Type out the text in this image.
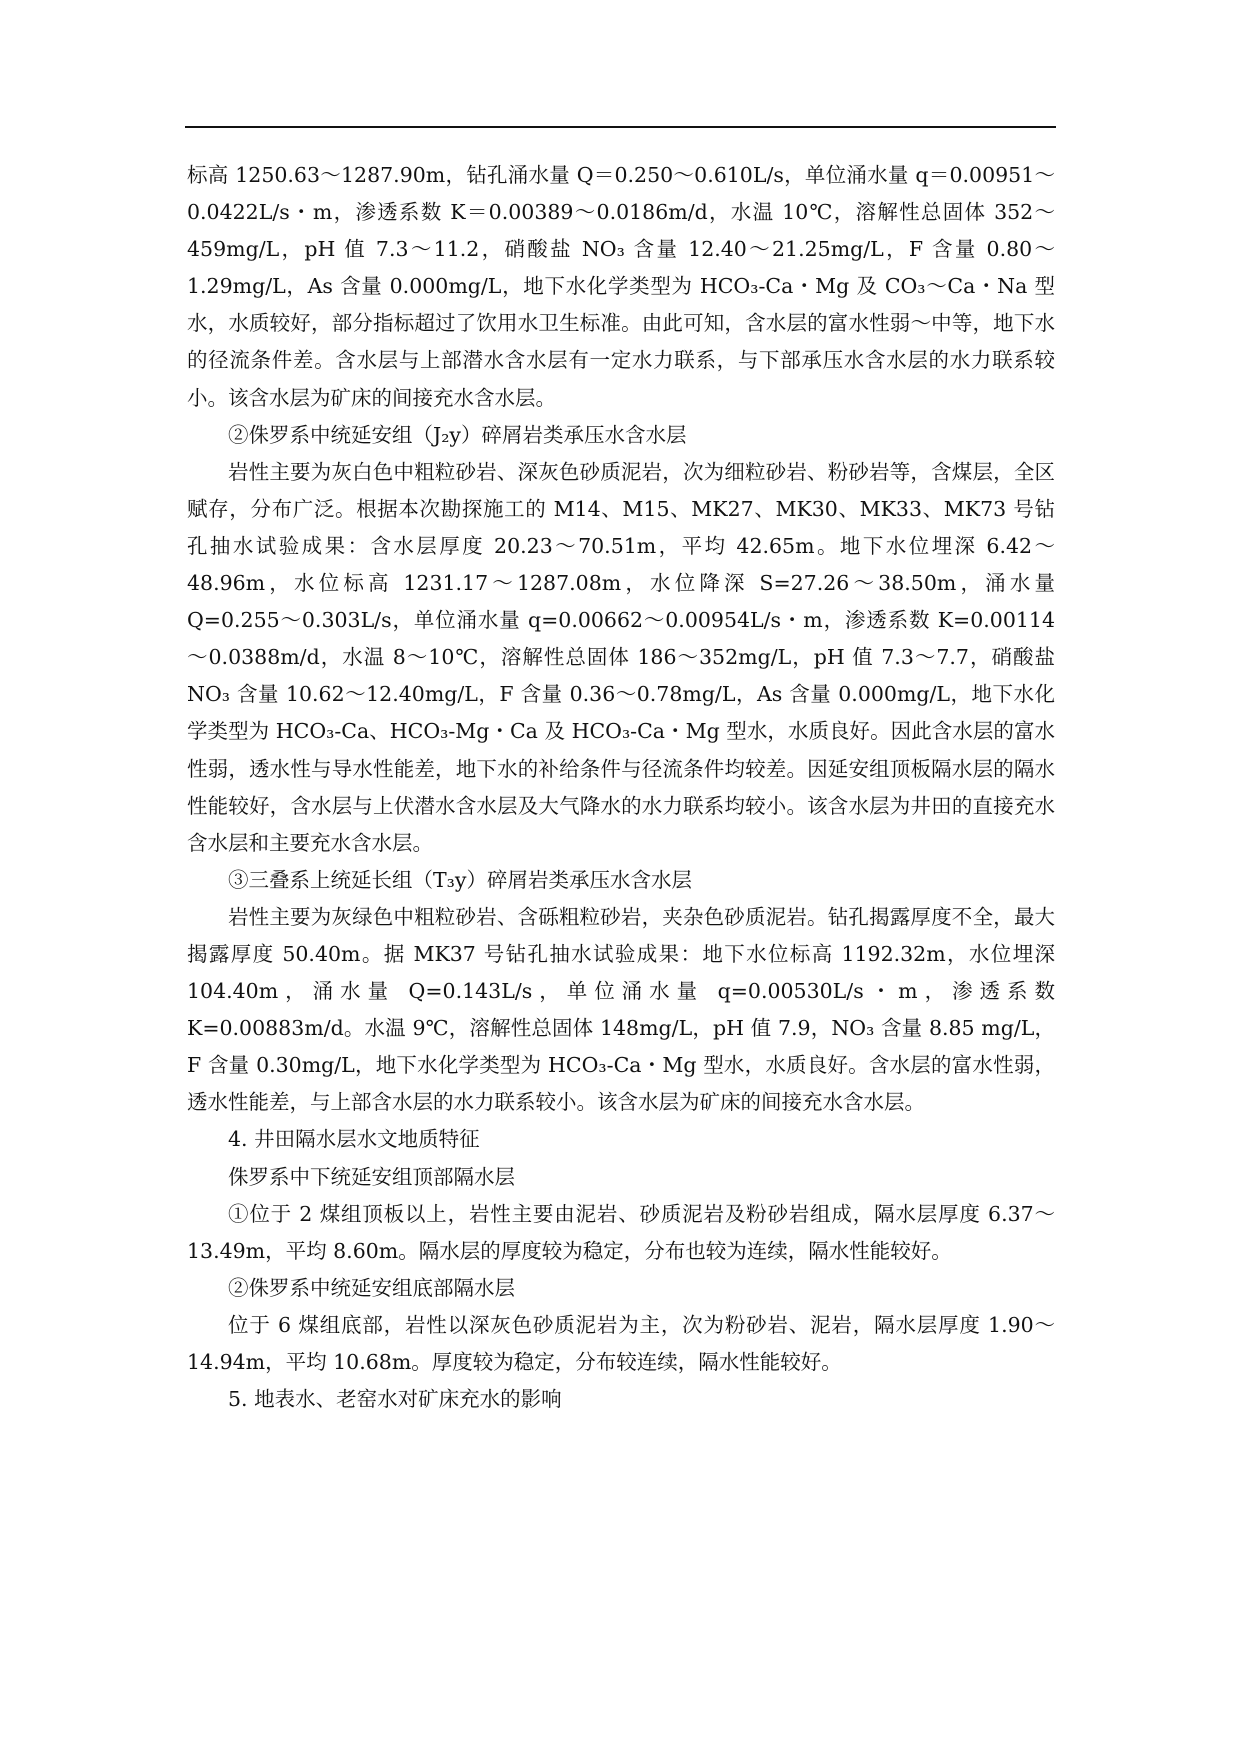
标高 1250.63～1287.90m，钻孔涌水量 Q＝0.250～0.610L/s，单位涌水量 q＝0.00951～0.0422L/s・m，渗透系数 K＝0.00389～0.0186m/d，水温 10℃，溶解性总固体 352～459mg/L，pH 值 7.3～11.2，硝酸盐 NO₃ 含量 12.40～21.25mg/L，F 含量 0.80～1.29mg/L，As 含量 0.000mg/L，地下水化学类型为 HCO₃-Ca・Mg 及 CO₃～Ca・Na 型水，水质较好，部分指标超过了饮用水卫生标准。由此可知，含水层的富水性弱～中等，地下水的径流条件差。含水层与上部潜水含水层有一定水力联系，与下部承压水含水层的水力联系较小。该含水层为矿床的间接充水含水层。

②侏罗系中统延安组（J₂y）碎屑岩类承压水含水层

岩性主要为灰白色中粗粒砂岩、深灰色砂质泥岩，次为细粒砂岩、粉砂岩等，含煤层，全区赋存，分布广泛。根据本次勘探施工的 M14、M15、MK27、MK30、MK33、MK73 号钻孔抽水试验成果：含水层厚度 20.23～70.51m，平均 42.65m。地下水位埋深 6.42～48.96m，水位标高 1231.17～1287.08m，水位降深 S=27.26～38.50m，涌水量 Q=0.255～0.303L/s，单位涌水量 q=0.00662～0.00954L/s・m，渗透系数 K=0.00114～0.0388m/d，水温 8～10℃，溶解性总固体 186～352mg/L，pH 值 7.3～7.7，硝酸盐 NO₃ 含量 10.62～12.40mg/L，F 含量 0.36～0.78mg/L，As 含量 0.000mg/L，地下水化学类型为 HCO₃-Ca、HCO₃-Mg・Ca 及 HCO₃-Ca・Mg 型水，水质良好。因此含水层的富水性弱，透水性与导水性能差，地下水的补给条件与径流条件均较差。因延安组顶板隔水层的隔水性能较好，含水层与上伏潜水含水层及大气降水的水力联系均较小。该含水层为井田的直接充水含水层和主要充水含水层。

③三叠系上统延长组（T₃y）碎屑岩类承压水含水层

岩性主要为灰绿色中粗粒砂岩、含砾粗粒砂岩，夹杂色砂质泥岩。钻孔揭露厚度不全，最大揭露厚度 50.40m。据 MK37 号钻孔抽水试验成果：地下水位标高 1192.32m，水位埋深 104.40m，涌水量 Q=0.143L/s，单位涌水量 q=0.00530L/s・m，渗透系数 K=0.00883m/d。水温 9℃，溶解性总固体 148mg/L，pH 值 7.9，NO₃ 含量 8.85 mg/L，F 含量 0.30mg/L，地下水化学类型为 HCO₃-Ca・Mg 型水，水质良好。含水层的富水性弱，透水性能差，与上部含水层的水力联系较小。该含水层为矿床的间接充水含水层。

4. 井田隔水层水文地质特征

侏罗系中下统延安组顶部隔水层

①位于 2 煤组顶板以上，岩性主要由泥岩、砂质泥岩及粉砂岩组成，隔水层厚度 6.37～13.49m，平均 8.60m。隔水层的厚度较为稳定，分布也较为连续，隔水性能较好。

②侏罗系中统延安组底部隔水层

位于 6 煤组底部，岩性以深灰色砂质泥岩为主，次为粉砂岩、泥岩，隔水层厚度 1.90～14.94m，平均 10.68m。厚度较为稳定，分布较连续，隔水性能较好。

5. 地表水、老窑水对矿床充水的影响
